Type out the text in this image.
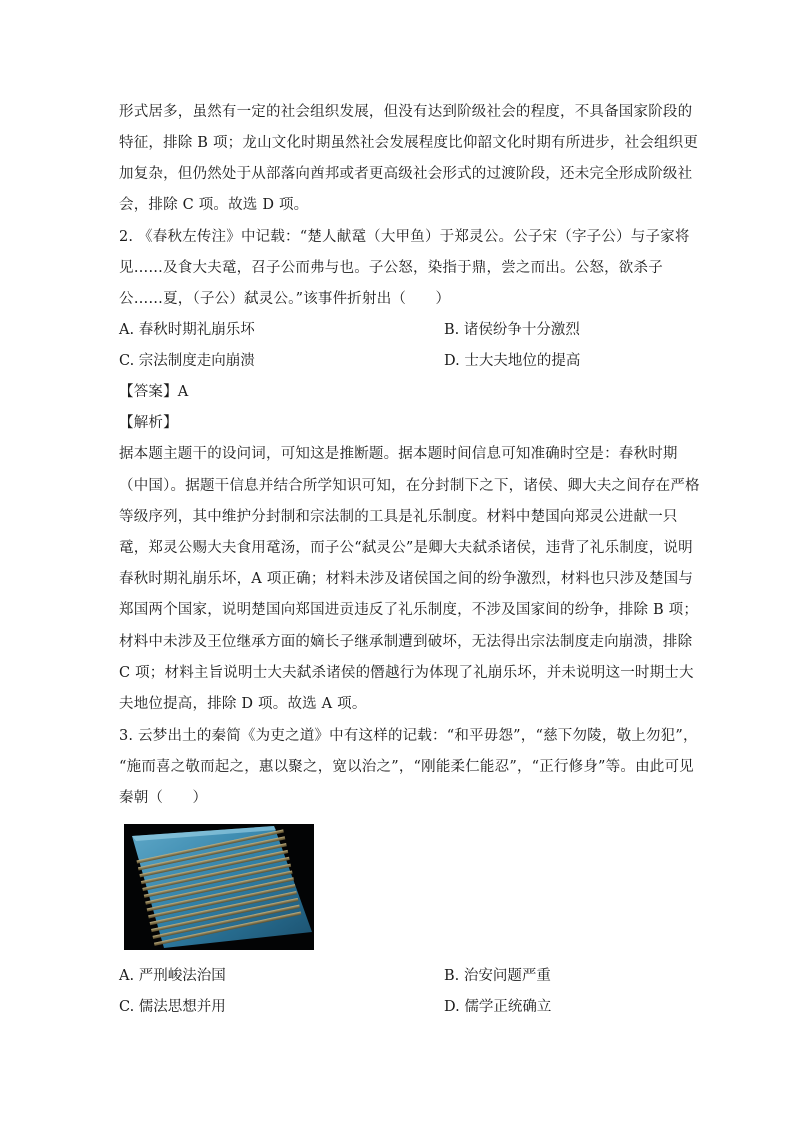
形式居多，虽然有一定的社会组织发展，但没有达到阶级社会的程度，不具备国家阶段的
特征，排除 B 项；龙山文化时期虽然社会发展程度比仰韶文化时期有所进步，社会组织更
加复杂，但仍然处于从部落向酋邦或者更高级社会形式的过渡阶段，还未完全形成阶级社
会，排除 C 项。故选 D 项。
2. 《春秋左传注》中记载：“楚人献鼋（大甲鱼）于郑灵公。公子宋（字子公）与子家将
见……及食大夫鼋，召子公而弗与也。子公怒，染指于鼎，尝之而出。公怒，欲杀子
公……夏，（子公）弑灵公。”该事件折射出（　　）
A. 春秋时期礼崩乐坏	B. 诸侯纷争十分激烈
C. 宗法制度走向崩溃	D. 士大夫地位的提高
【答案】A
【解析】
据本题主题干的设问词，可知这是推断题。据本题时间信息可知准确时空是：春秋时期
（中国）。据题干信息并结合所学知识可知，在分封制下之下，诸侯、卿大夫之间存在严格
等级序列，其中维护分封制和宗法制的工具是礼乐制度。材料中楚国向郑灵公进献一只
鼋，郑灵公赐大夫食用鼋汤，而子公“弑灵公”是卿大夫弑杀诸侯，违背了礼乐制度，说明
春秋时期礼崩乐坏，A 项正确；材料未涉及诸侯国之间的纷争激烈，材料也只涉及楚国与
郑国两个国家，说明楚国向郑国进贡违反了礼乐制度，不涉及国家间的纷争，排除 B 项；
材料中未涉及王位继承方面的嫡长子继承制遭到破坏，无法得出宗法制度走向崩溃，排除
C 项；材料主旨说明士大夫弑杀诸侯的僭越行为体现了礼崩乐坏，并未说明这一时期士大
夫地位提高，排除 D 项。故选 A 项。
3. 云梦出土的秦简《为吏之道》中有这样的记载：“和平毋怨”，“慈下勿陵，敬上勿犯”，
“施而喜之敬而起之，惠以聚之，宽以治之”，“刚能柔仁能忍”，“正行修身”等。由此可见
秦朝（　　）
A. 严刑峻法治国	B. 治安问题严重
C. 儒法思想并用	D. 儒学正统确立
